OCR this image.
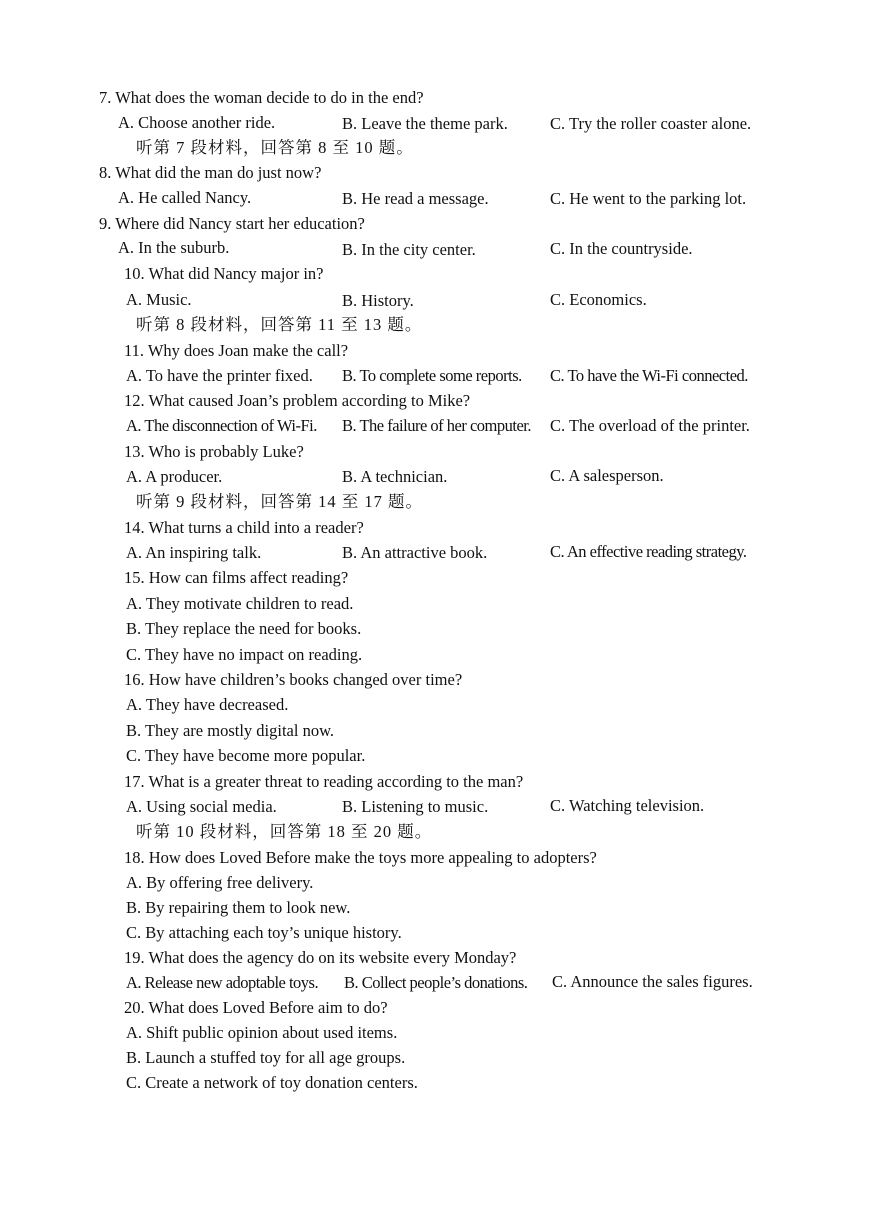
7. What does the woman decide to do in the end?
A. Choose another ride.	B. Leave the theme park.	C. Try the roller coaster alone.
听第 7 段材料，回答第 8 至 10 题。
8. What did the man do just now?
A. He called Nancy.	B. He read a message.	C. He went to the parking lot.
9. Where did Nancy start her education?
A. In the suburb.	B. In the city center.	C. In the countryside.
10. What did Nancy major in?
A. Music.	B. History.	C. Economics.
听第 8 段材料，回答第 11 至 13 题。
11. Why does Joan make the call?
A. To have the printer fixed. B. To complete some reports. C. To have the Wi-Fi connected.
12. What caused Joan’s problem according to Mike?
A. The disconnection of Wi-Fi. B. The failure of her computer. C. The overload of the printer.
13. Who is probably Luke?
A. A producer.	B. A technician.	C. A salesperson.
听第 9 段材料，回答第 14 至 17 题。
14. What turns a child into a reader?
A. An inspiring talk.	B. An attractive book.	C. An effective reading strategy.
15. How can films affect reading?
A. They motivate children to read.
B. They replace the need for books.
C. They have no impact on reading.
16. How have children’s books changed over time?
A. They have decreased.
B. They are mostly digital now.
C. They have become more popular.
17. What is a greater threat to reading according to the man?
A. Using social media.	B. Listening to music.	C. Watching television.
听第 10 段材料，回答第 18 至 20 题。
18. How does Loved Before make the toys more appealing to adopters?
A. By offering free delivery.
B. By repairing them to look new.
C. By attaching each toy’s unique history.
19. What does the agency do on its website every Monday?
A. Release new adoptable toys. B. Collect people’s donations. C. Announce the sales figures.
20. What does Loved Before aim to do?
A. Shift public opinion about used items.
B. Launch a stuffed toy for all age groups.
C. Create a network of toy donation centers.
